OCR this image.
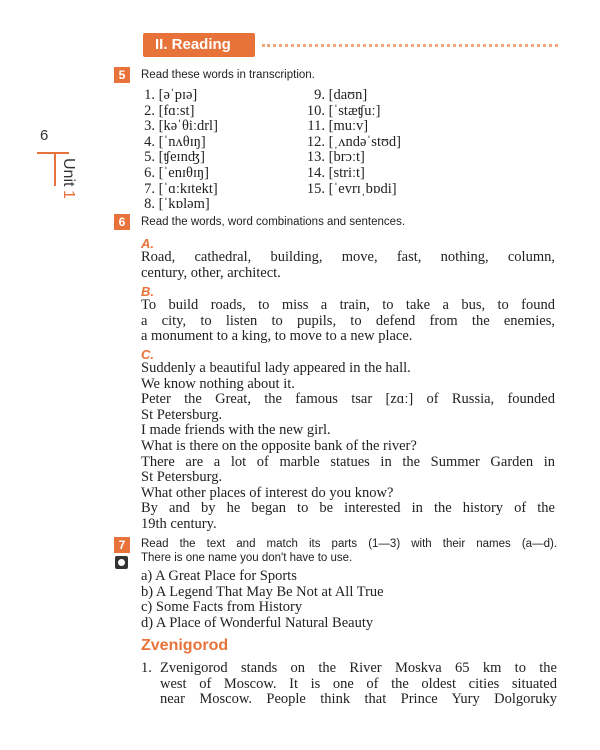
II. Reading
6
Unit
1
5	Read these words in transcription.
1. [əˈpɪə]
2. [fɑːst]
3. [kəˈθiːdrl]
4. [ˈnʌθɪŋ]
5. [ʧeɪnʤ]
6. [ˈenɪθɪŋ]
7. [ˈɑːkɪtekt]
8. [ˈkɒləm]
9. [daʊn]
10. [ˈstæʧuː]
11. [muːv]
12. [ˌʌndəˈstʊd]
13. [brɔːt]
14. [striːt]
15. [ˈevrɪˌbɒdi]
6	Read the words, word combinations and sentences.
A.
Road, cathedral, building, move, fast, nothing, column,
century, other, architect.
B.
To build roads, to miss a train, to take a bus, to found
a city, to listen to pupils, to defend from the enemies,
a monument to a king, to move to a new place.
C.
Suddenly a beautiful lady appeared in the hall.
We know nothing about it.
Peter the Great, the famous tsar [zɑː] of Russia, founded
St Petersburg.
I made friends with the new girl.
What is there on the opposite bank of the river?
There are a lot of marble statues in the Summer Garden in
St Petersburg.
What other places of interest do you know?
By and by he began to be interested in the history of the
19th century.
7	Read the text and match its parts (1—3) with their names (a—d).
There is one name you don't have to use.
a) A Great Place for Sports
b) A Legend That May Be Not at All True
c) Some Facts from History
d) A Place of Wonderful Natural Beauty
Zvenigorod
1. Zvenigorod stands on the River Moskva 65 km to the
west of Moscow. It is one of the oldest cities situated
near Moscow. People think that Prince Yury Dolgoruky
